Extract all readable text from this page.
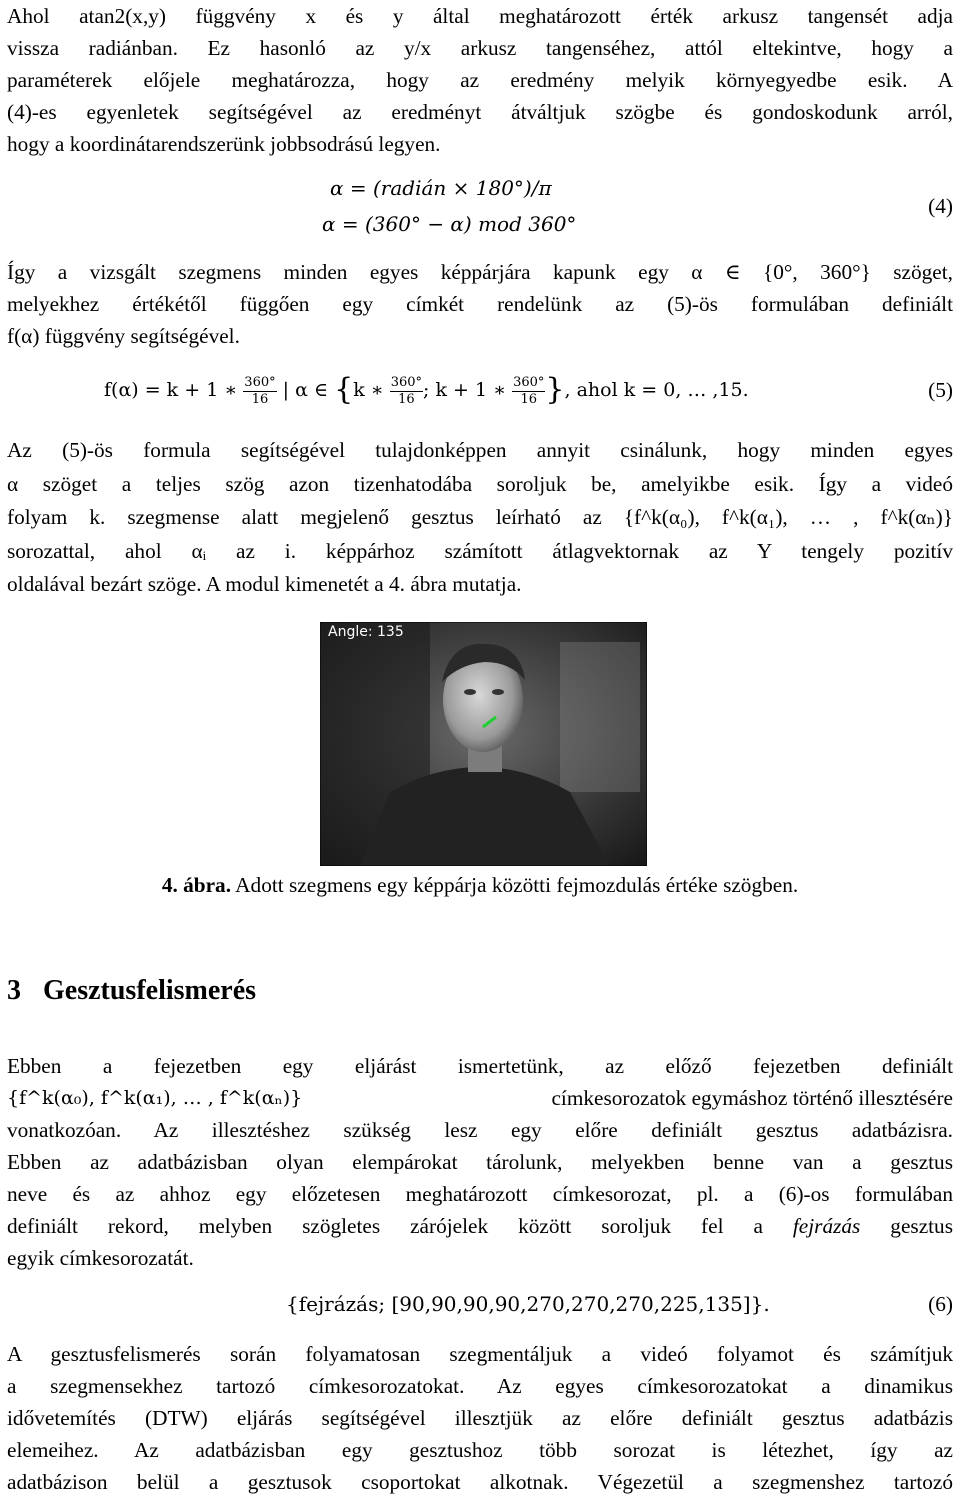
Ahol atan2(x,y) függvény x és y által meghatározott érték arkusz tangensét adja
vissza radiánban. Ez hasonló az y/x arkusz tangenséhez, attól eltekintve, hogy a
paraméterek előjele meghatározza, hogy az eredmény melyik környegyedbe esik. A
(4)-es egyenletek segítségével az eredményt átváltjuk szögbe és gondoskodunk arról,
hogy a koordinátarendszerünk jobbsodrású legyen.
α = (radián × 180°)/π
α = (360° − α) mod 360°
(4)
Így a vizsgált szegmens minden egyes képpárjára kapunk egy α ∈ {0°, 360°} szöget,
melyekhez értékétől függően egy címkét rendelünk az (5)-ös formulában definiált
f(α) függvény segítségével.
f(α) = k + 1 ∗ $\frac{360^\circ}{16}$ | α ∈ {k ∗ $\frac{360^\circ}{16}$ ; k + 1 ∗ $\frac{360^\circ}{16}$ }, ahol k = 0, … ,15.	(5)
Az (5)-ös formula segítségével tulajdonképpen annyit csinálunk, hogy minden egyes
α szöget a teljes szög azon tizenhatodába soroljuk be, amelyikbe esik. Így a videó
folyam k. szegmense alatt megjelenő gesztus leírható az {f^k(α₀), f^k(α₁), … , f^k(αₙ)}
sorozattal, ahol αᵢ az i. képpárhoz számított átlagvektornak az Y tengely pozitív
oldalával bezárt szöge. A modul kimenetét a 4. ábra mutatja.
Angle: 135
4. ábra. Adott szegmens egy képpárja közötti fejmozdulás értéke szögben.
3 Gesztusfelismerés
Ebben a fejezetben egy eljárást ismertetünk, az előző fejezetben definiált
{f^k(α₀), f^k(α₁), … , f^k(αₙ)}	címkesorozatok egymáshoz történő illesztésére
vonatkozóan. Az illesztéshez szükség lesz egy előre definiált gesztus adatbázisra.
Ebben az adatbázisban olyan elempárokat tárolunk, melyekben benne van a gesztus
neve és az ahhoz egy előzetesen meghatározott címkesorozat, pl. a (6)-os formulában
definiált rekord, melyben szögletes zárójelek között soroljuk fel a fejrázás gesztus
egyik címkesorozatát.
{fejrázás; [90,90,90,90,270,270,270,225,135]}.	(6)
A gesztusfelismerés során folyamatosan szegmentáljuk a videó folyamot és számítjuk
a szegmensekhez tartozó címkesorozatokat. Az egyes címkesorozatokat a dinamikus
idővetemítés (DTW) eljárás segítségével illesztjük az előre definiált gesztus adatbázis
elemeihez. Az adatbázisban egy gesztushoz több sorozat is létezhet, így az
adatbázison belül a gesztusok csoportokat alkotnak. Végezetül a szegmenshez tartozó
